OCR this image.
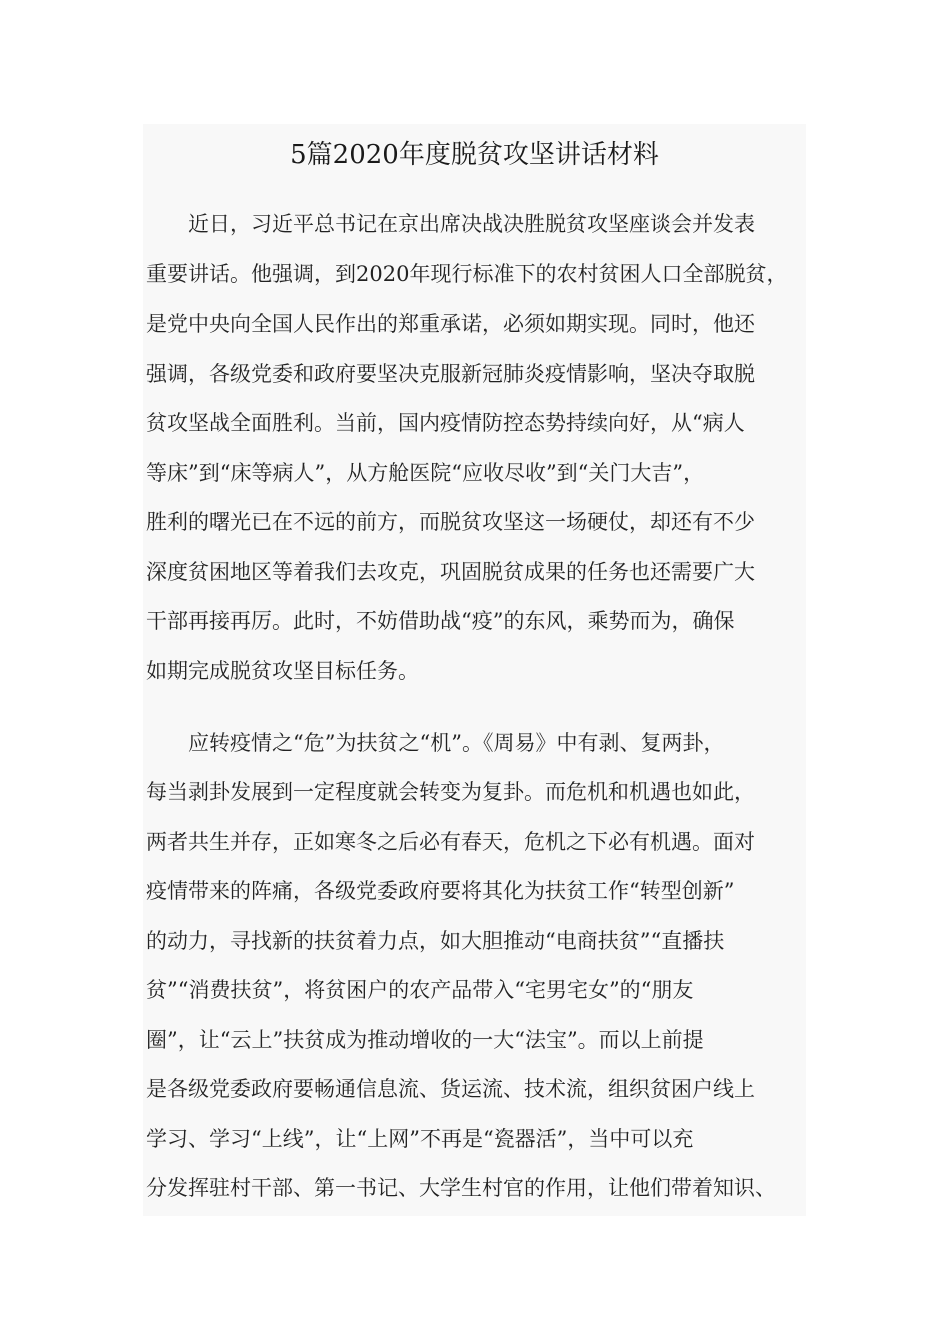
5篇2020年度脱贫攻坚讲话材料
近日，习近平总书记在京出席决战决胜脱贫攻坚座谈会并发表
重要讲话。他强调，到2020年现行标准下的农村贫困人口全部脱贫，
是党中央向全国人民作出的郑重承诺，必须如期实现。同时，他还
强调，各级党委和政府要坚决克服新冠肺炎疫情影响，坚决夺取脱
贫攻坚战全面胜利。当前，国内疫情防控态势持续向好，从“病人
等床”到“床等病人”，从方舱医院“应收尽收”到“关门大吉”，
胜利的曙光已在不远的前方，而脱贫攻坚这一场硬仗，却还有不少
深度贫困地区等着我们去攻克，巩固脱贫成果的任务也还需要广大
干部再接再厉。此时，不妨借助战“疫”的东风，乘势而为，确保
如期完成脱贫攻坚目标任务。
应转疫情之“危”为扶贫之“机”。《周易》中有剥、复两卦，
每当剥卦发展到一定程度就会转变为复卦。而危机和机遇也如此，
两者共生并存，正如寒冬之后必有春天，危机之下必有机遇。面对
疫情带来的阵痛，各级党委政府要将其化为扶贫工作“转型创新”
的动力，寻找新的扶贫着力点，如大胆推动“电商扶贫”“直播扶
贫”“消费扶贫”，将贫困户的农产品带入“宅男宅女”的“朋友
圈”，让“云上”扶贫成为推动增收的一大“法宝”。而以上前提
是各级党委政府要畅通信息流、货运流、技术流，组织贫困户线上
学习、学习“上线”，让“上网”不再是“瓷器活”，当中可以充
分发挥驻村干部、第一书记、大学生村官的作用，让他们带着知识、
